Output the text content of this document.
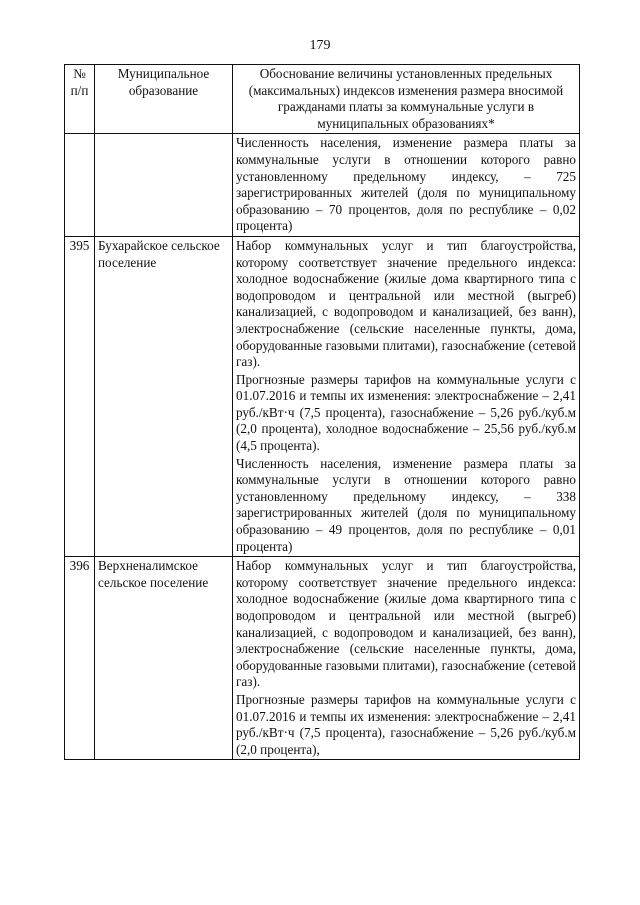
179
№
п/п	Муниципальное образование	Обоснование величины установленных предельных (максимальных) индексов изменения размера вносимой гражданами платы за коммунальные услуги в муниципальных образованиях*

		Численность населения, изменение размера платы за коммунальные услуги в отношении которого равно установленному предельному индексу, – 725 зарегистрированных жителей (доля по муниципальному образованию – 70 процентов, доля по республике – 0,02 процента)

395	Бухарайское сельское поселение	Набор коммунальных услуг и тип благоустройства, которому соответствует значение предельного индекса: холодное водоснабжение (жилые дома квартирного типа с водопроводом и центральной или местной (выгреб) канализацией, с водопроводом и канализацией, без ванн), электроснабжение (сельские населенные пункты, дома, оборудованные газовыми плитами), газоснабжение (сетевой газ).

Прогнозные размеры тарифов на коммунальные услуги с 01.07.2016 и темпы их изменения: электроснабжение – 2,41 руб./кВт·ч (7,5 процента), газоснабжение – 5,26 руб./куб.м (2,0 процента), холодное водоснабжение – 25,56 руб./куб.м (4,5 процента).

Численность населения, изменение размера платы за коммунальные услуги в отношении которого равно установленному предельному индексу, – 338 зарегистрированных жителей (доля по муниципальному образованию – 49 процентов, доля по республике – 0,01 процента)

396	Верхненалимское сельское поселение	Набор коммунальных услуг и тип благоустройства, которому соответствует значение предельного индекса: холодное водоснабжение (жилые дома квартирного типа с водопроводом и центральной или местной (выгреб) канализацией, с водопроводом и канализацией, без ванн), электроснабжение (сельские населенные пункты, дома, оборудованные газовыми плитами), газоснабжение (сетевой газ).

Прогнозные размеры тарифов на коммунальные услуги с 01.07.2016 и темпы их изменения: электроснабжение – 2,41 руб./кВт·ч (7,5 процента), газоснабжение – 5,26 руб./куб.м (2,0 процента),
